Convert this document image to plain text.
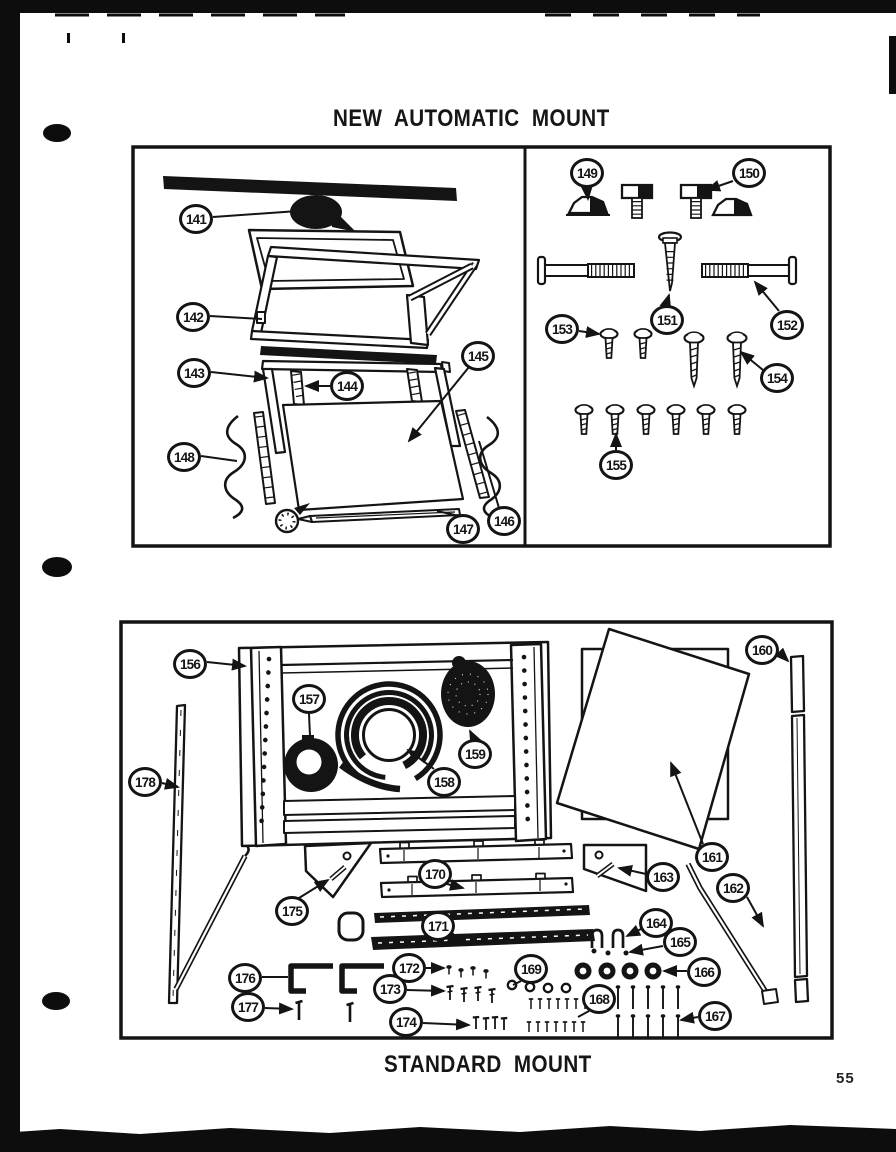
NEW AUTOMATIC MOUNT
STANDARD MOUNT
55
141
142
143
144
145
146
147
148
149	150
151	152
153
154
155
156
157
158
159
160
161
162
163
164
165
166
167
168
169
170
171
172
173
174
175
176
177
178
